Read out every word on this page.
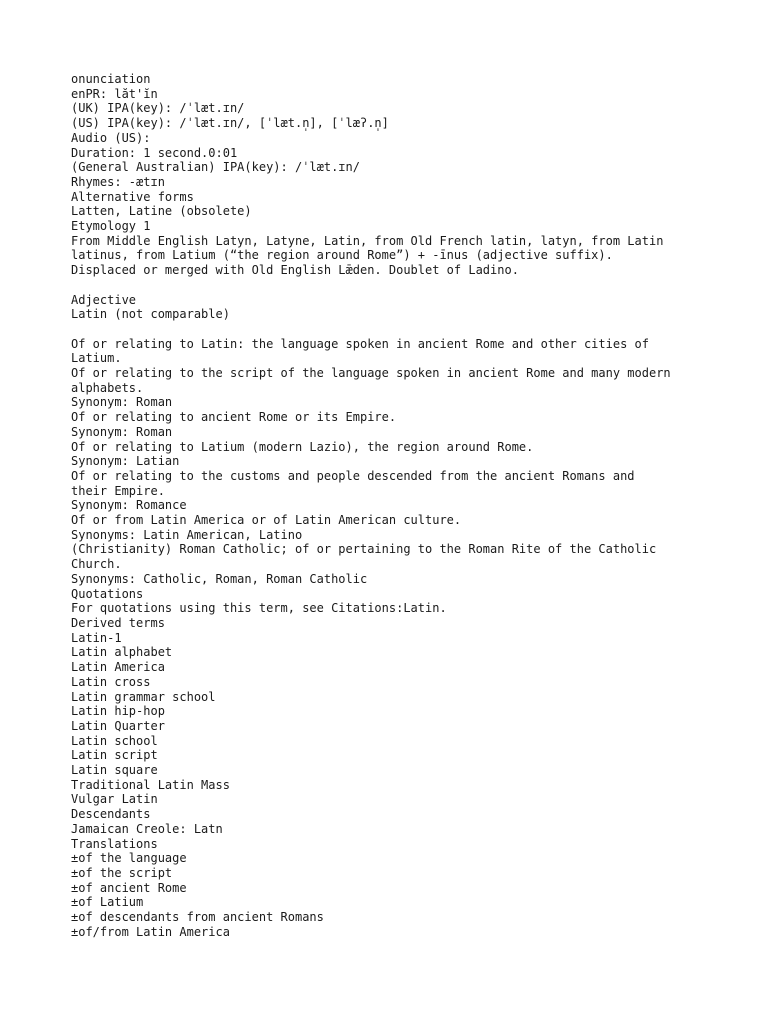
onunciation
enPR: lăt'ĭn
(UK) IPA(key): /ˈlæt.ɪn/
(US) IPA(key): /ˈlæt.ɪn/, [ˈlæt.n̩], [ˈlæʔ.n̩]
Audio (US):
Duration: 1 second.0:01
(General Australian) IPA(key): /ˈlæt.ɪn/
Rhymes: -ætɪn
Alternative forms
Latten, Latine (obsolete)
Etymology 1
From Middle English Latyn, Latyne, Latin, from Old French latin, latyn, from Latin
latinus, from Latium (“the region around Rome”) + -īnus (adjective suffix).
Displaced or merged with Old English Lǣden. Doublet of Ladino.
Adjective
Latin (not comparable)
Of or relating to Latin: the language spoken in ancient Rome and other cities of
Latium.
Of or relating to the script of the language spoken in ancient Rome and many modern
alphabets.
Synonym: Roman
Of or relating to ancient Rome or its Empire.
Synonym: Roman
Of or relating to Latium (modern Lazio), the region around Rome.
Synonym: Latian
Of or relating to the customs and people descended from the ancient Romans and
their Empire.
Synonym: Romance
Of or from Latin America or of Latin American culture.
Synonyms: Latin American, Latino
(Christianity) Roman Catholic; of or pertaining to the Roman Rite of the Catholic
Church.
Synonyms: Catholic, Roman, Roman Catholic
Quotations
For quotations using this term, see Citations:Latin.
Derived terms
Latin-1
Latin alphabet
Latin America
Latin cross
Latin grammar school
Latin hip-hop
Latin Quarter
Latin school
Latin script
Latin square
Traditional Latin Mass
Vulgar Latin
Descendants
Jamaican Creole: Latn
Translations
±of the language
±of the script
±of ancient Rome
±of Latium
±of descendants from ancient Romans
±of/from Latin America
